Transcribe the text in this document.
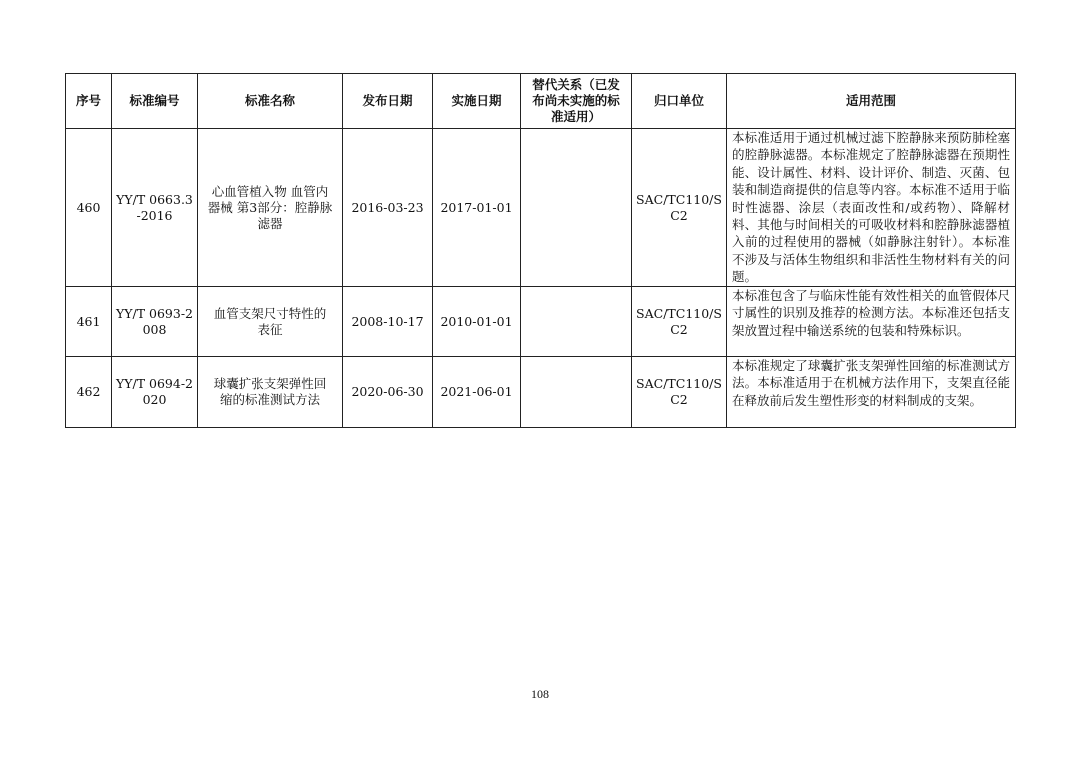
序号	标准编号	标准名称	发布日期	实施日期	替代关系（已发布尚未实施的标准适用）	归口单位	适用范围
460	YY/T 0663.3-2016	心血管植入物 血管内器械 第3部分：腔静脉滤器	2016-03-23	2017-01-01		SAC/TC110/SC2	本标准适用于通过机械过滤下腔静脉来预防肺栓塞的腔静脉滤器。本标准规定了腔静脉滤器在预期性能、设计属性、材料、设计评价、制造、灭菌、包装和制造商提供的信息等内容。本标准不适用于临时性滤器、涂层（表面改性和/或药物）、降解材料、其他与时间相关的可吸收材料和腔静脉滤器植入前的过程使用的器械（如静脉注射针）。本标准不涉及与活体生物组织和非活性生物材料有关的问题。
461	YY/T 0693-2008	血管支架尺寸特性的表征	2008-10-17	2010-01-01		SAC/TC110/SC2	本标准包含了与临床性能有效性相关的血管假体尺寸属性的识别及推荐的检测方法。本标准还包括支架放置过程中输送系统的包装和特殊标识。
462	YY/T 0694-2020	球囊扩张支架弹性回缩的标准测试方法	2020-06-30	2021-06-01		SAC/TC110/SC2	本标准规定了球囊扩张支架弹性回缩的标准测试方法。本标准适用于在机械方法作用下，支架直径能在释放前后发生塑性形变的材料制成的支架。
108
